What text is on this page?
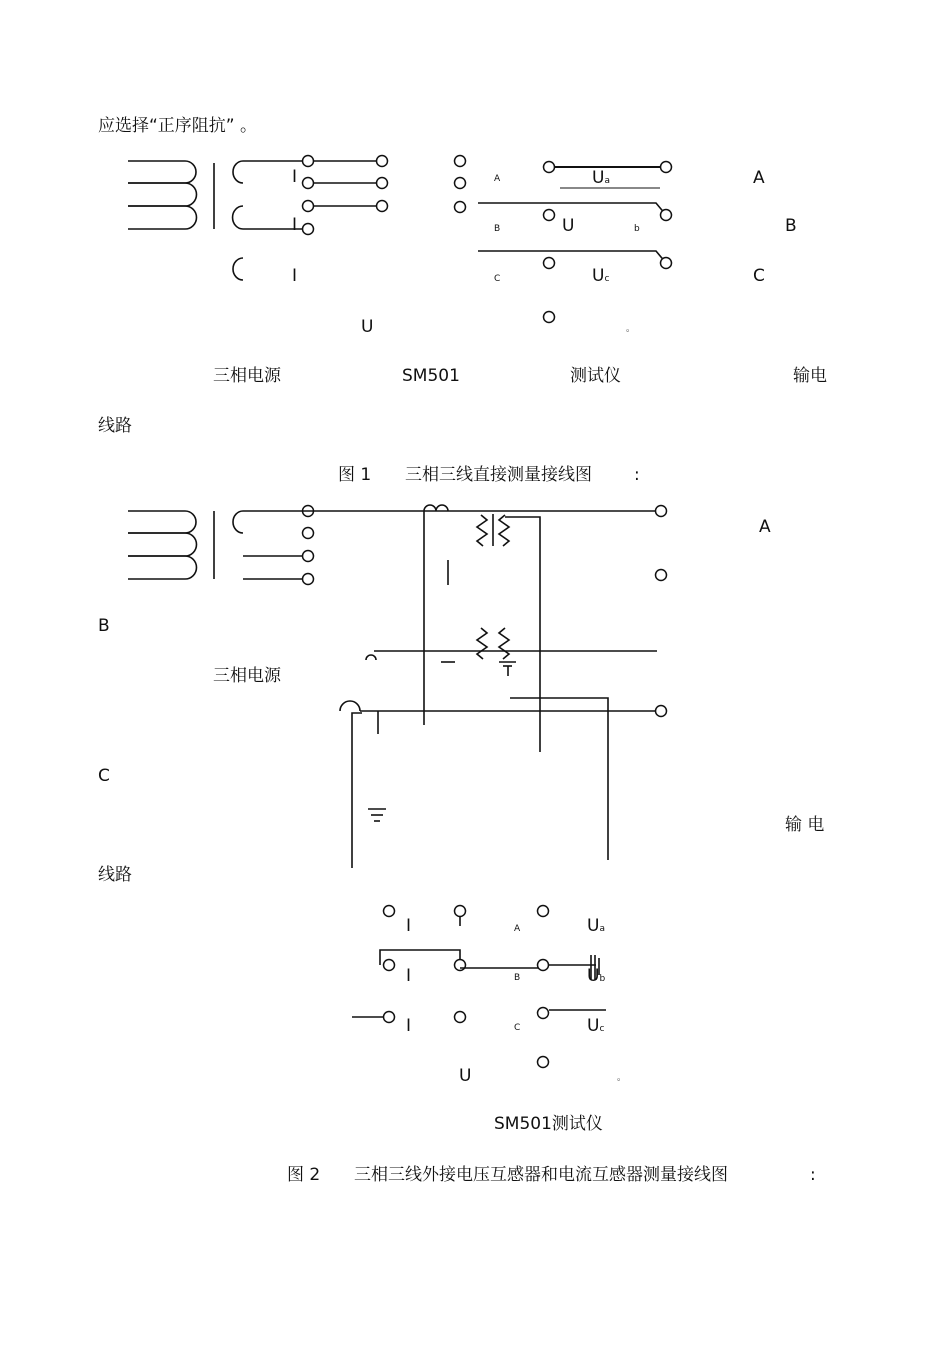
应选择“正序阻抗” 。
I
I
I
A
B
C
Ua
U	b
Uc
U	。
A
B
C
三相电源	SM501	测试仪	输电
线路
图 1 三相三线直接测量接线图 :
A
B
三相电源
C
输 电
线路
I
I
I
A
B
C
Ua
Ub
Uc
U	。
SM501测试仪
图 2 三相三线外接电压互感器和电流互感器测量接线图	:
